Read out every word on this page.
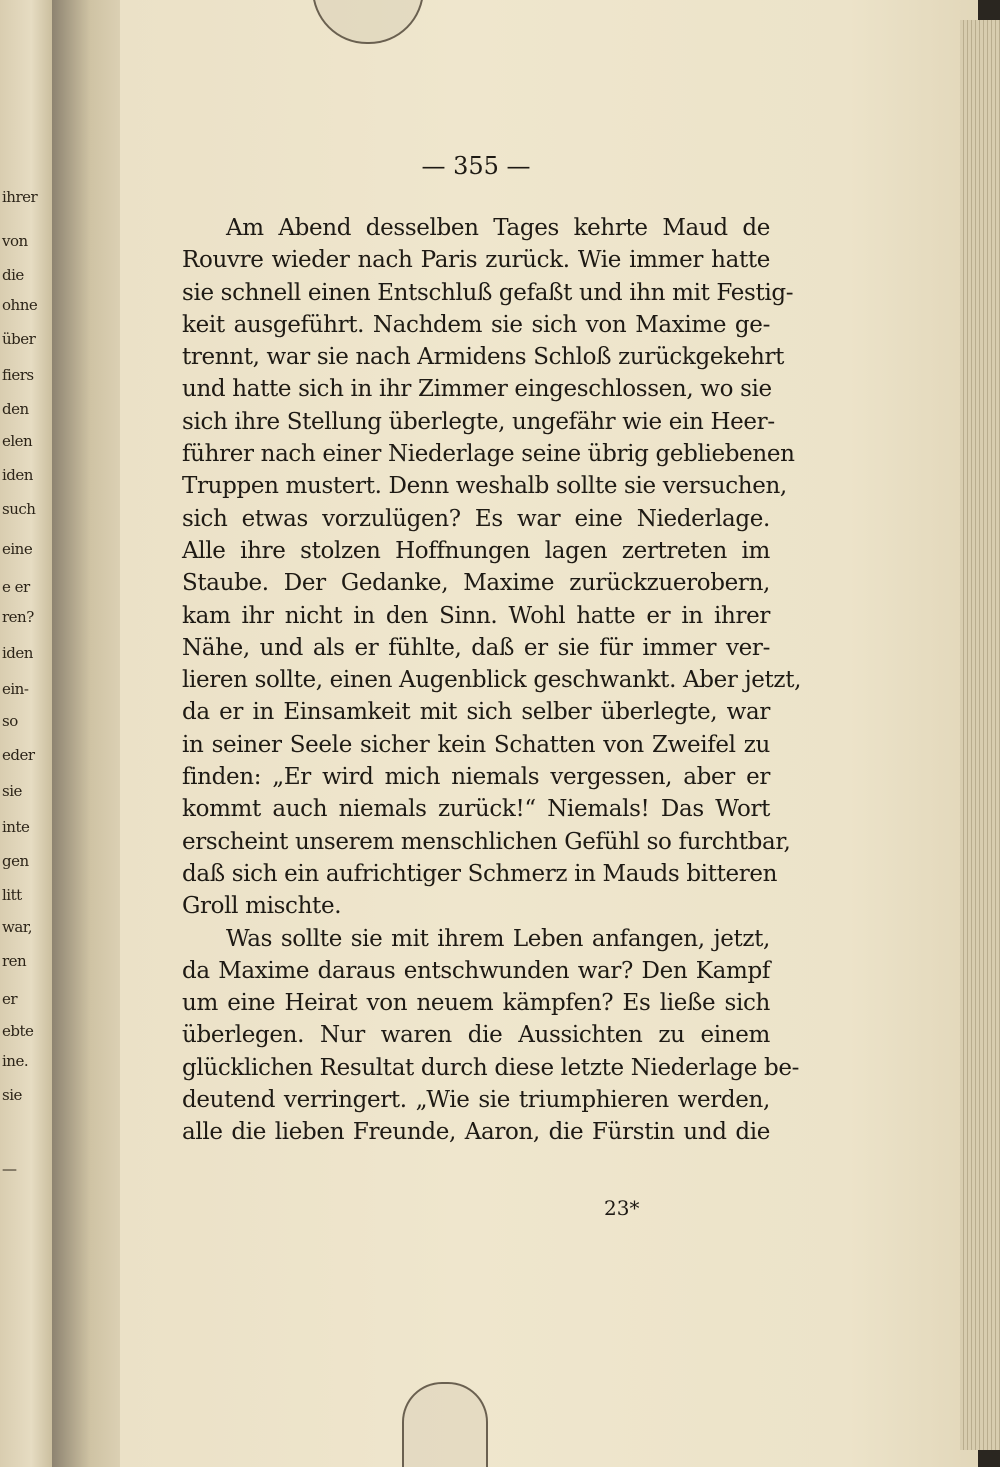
ihrer
von
die
ohne
über
fiers
den
elen
iden
such
eine
e er
ren?
iden
ein-
so
eder
sie
inte
gen
litt
war,
ren
er
ebte
ine.
sie
—
— 355 —
Am Abend desselben Tages kehrte Maud de
Rouvre wieder nach Paris zurück. Wie immer hatte
sie schnell einen Entschluß gefaßt und ihn mit Festig-
keit ausgeführt. Nachdem sie sich von Maxime ge-
trennt, war sie nach Armidens Schloß zurückgekehrt
und hatte sich in ihr Zimmer eingeschlossen, wo sie
sich ihre Stellung überlegte, ungefähr wie ein Heer-
führer nach einer Niederlage seine übrig gebliebenen
Truppen mustert. Denn weshalb sollte sie versuchen,
sich etwas vorzulügen? Es war eine Niederlage.
Alle ihre stolzen Hoffnungen lagen zertreten im
Staube. Der Gedanke, Maxime zurückzuerobern,
kam ihr nicht in den Sinn. Wohl hatte er in ihrer
Nähe, und als er fühlte, daß er sie für immer ver-
lieren sollte, einen Augenblick geschwankt. Aber jetzt,
da er in Einsamkeit mit sich selber überlegte, war
in seiner Seele sicher kein Schatten von Zweifel zu
finden: „Er wird mich niemals vergessen, aber er
kommt auch niemals zurück!“ Niemals! Das Wort
erscheint unserem menschlichen Gefühl so furchtbar,
daß sich ein aufrichtiger Schmerz in Mauds bitteren
Groll mischte.
Was sollte sie mit ihrem Leben anfangen, jetzt,
da Maxime daraus entschwunden war? Den Kampf
um eine Heirat von neuem kämpfen? Es ließe sich
überlegen. Nur waren die Aussichten zu einem
glücklichen Resultat durch diese letzte Niederlage be-
deutend verringert. „Wie sie triumphieren werden,
alle die lieben Freunde, Aaron, die Fürstin und die
23*
